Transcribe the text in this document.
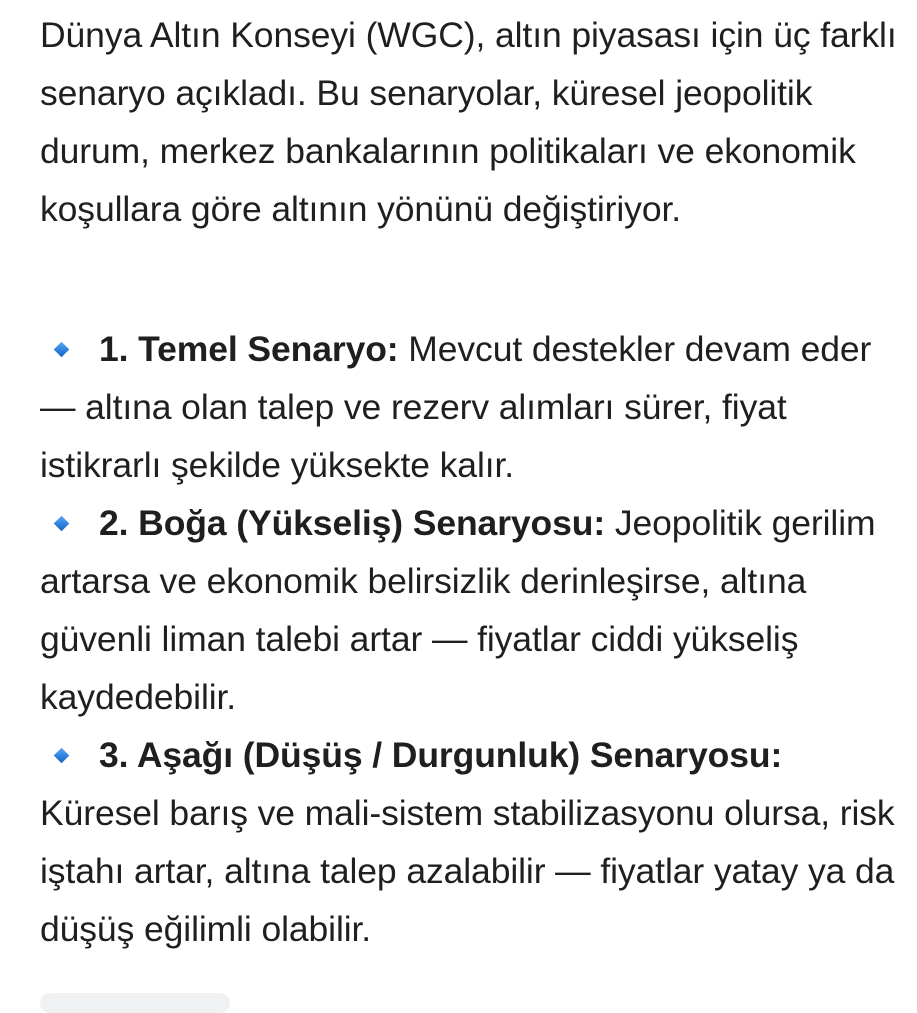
Dünya Altın Konseyi (WGC), altın piyasası için üç farklı senaryo açıkladı. Bu senaryolar, küresel jeopolitik durum, merkez bankalarının politikaları ve ekonomik koşullara göre altının yönünü değiştiriyor.

1. Temel Senaryo: Mevcut destekler devam eder — altına olan talep ve rezerv alımları sürer, fiyat istikrarlı şekilde yüksekte kalır.

2. Boğa (Yükseliş) Senaryosu: Jeopolitik gerilim artarsa ve ekonomik belirsizlik derinleşirse, altına güvenli liman talebi artar — fiyatlar ciddi yükseliş kaydedebilir.

3. Aşağı (Düşüş / Durgunluk) Senaryosu: Küresel barış ve mali-sistem stabilizasyonu olursa, risk iştahı artar, altına talep azalabilir — fiyatlar yatay ya da düşüş eğilimli olabilir.
